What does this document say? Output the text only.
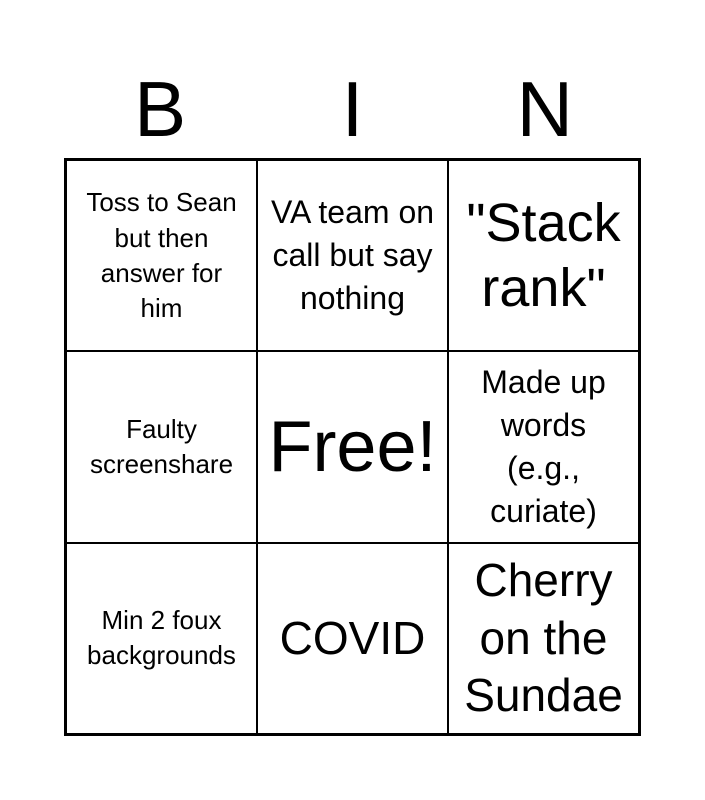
B	I	N
Toss to Sean but then answer for him
VA team on call but say nothing
"Stack rank"
Faulty screenshare Free!
Made up words (e.g., curiate)
Min 2 foux backgrounds COVID
Cherry on the Sundae
